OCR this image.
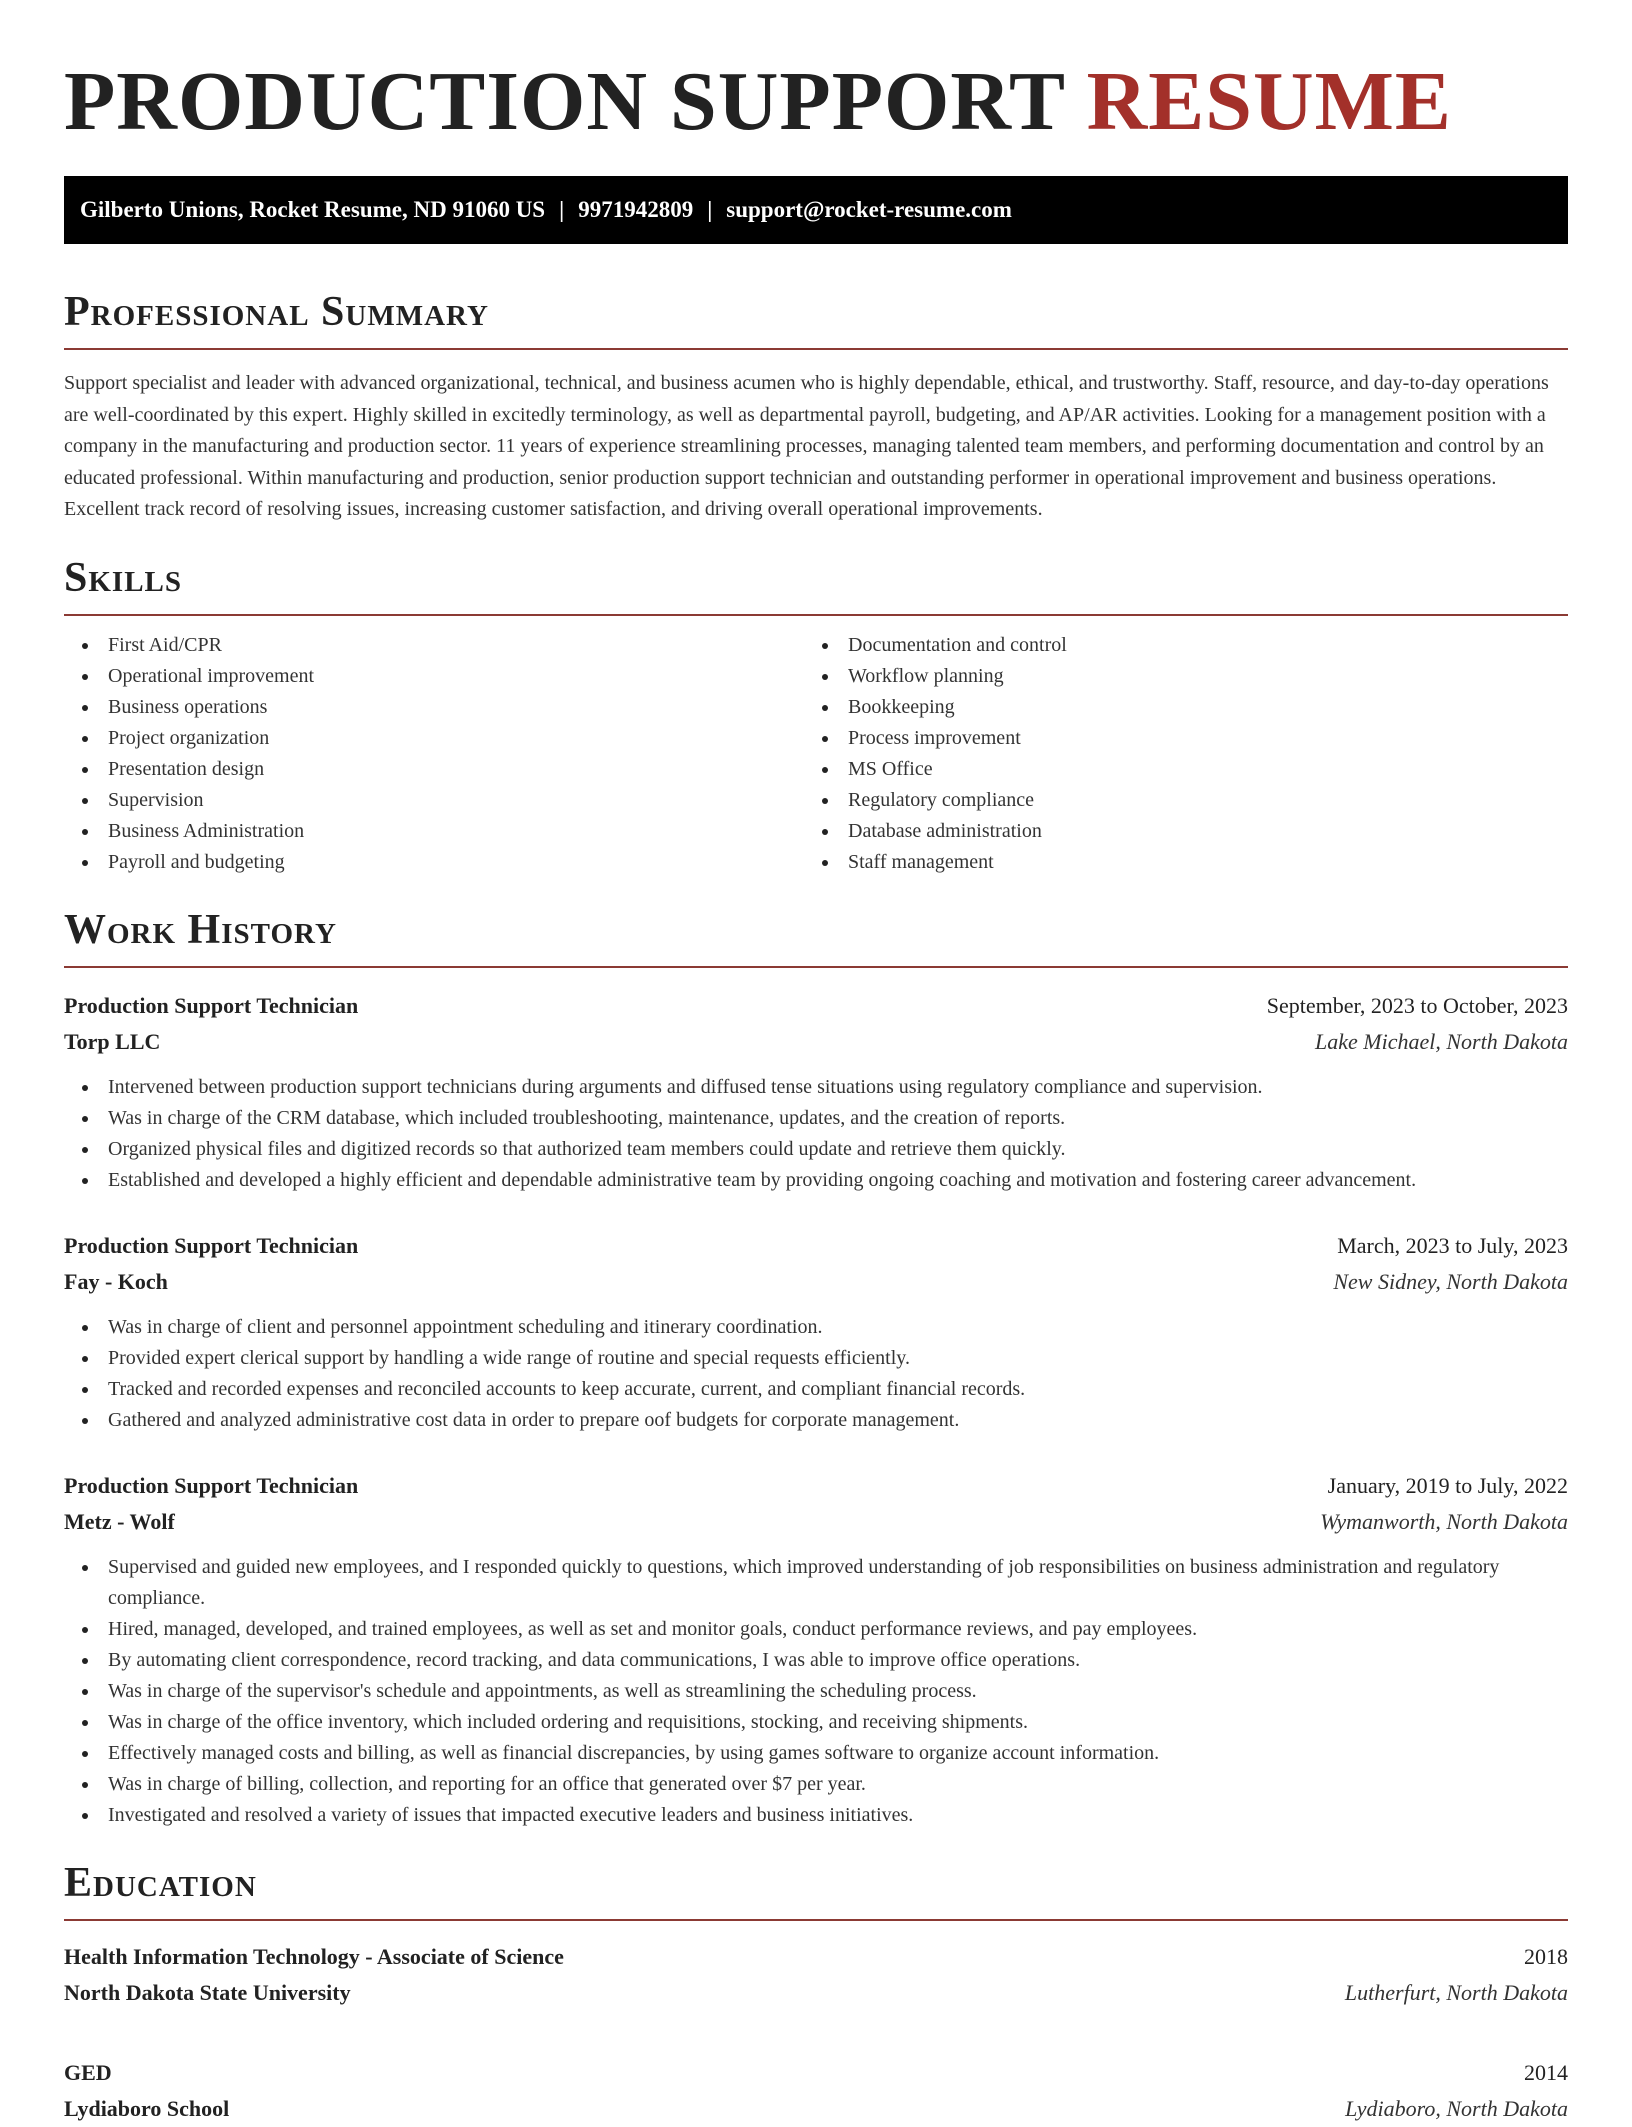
PRODUCTION SUPPORT RESUME
Gilberto Unions, Rocket Resume, ND 91060 US | 9971942809 | support@rocket-resume.com
Professional Summary

Support specialist and leader with advanced organizational, technical, and business acumen who is highly dependable, ethical, and trustworthy. Staff, resource, and day-to-day operations are well-coordinated by this expert. Highly skilled in excitedly terminology, as well as departmental payroll, budgeting, and AP/AR activities. Looking for a management position with a company in the manufacturing and production sector. 11 years of experience streamlining processes, managing talented team members, and performing documentation and control by an educated professional. Within manufacturing and production, senior production support technician and outstanding performer in operational improvement and business operations. Excellent track record of resolving issues, increasing customer satisfaction, and driving overall operational improvements.

Skills
First Aid/CPR
Operational improvement
Business operations
Project organization
Presentation design
Supervision
Business Administration
Payroll and budgeting
Documentation and control
Workflow planning
Bookkeeping
Process improvement
MS Office
Regulatory compliance
Database administration
Staff management
Work History
Production Support Technician	September, 2023 to October, 2023
Torp LLC	Lake Michael, North Dakota
Intervened between production support technicians during arguments and diffused tense situations using regulatory compliance and supervision.
Was in charge of the CRM database, which included troubleshooting, maintenance, updates, and the creation of reports.
Organized physical files and digitized records so that authorized team members could update and retrieve them quickly.
Established and developed a highly efficient and dependable administrative team by providing ongoing coaching and motivation and fostering career advancement.
Production Support Technician	March, 2023 to July, 2023
Fay - Koch	New Sidney, North Dakota
Was in charge of client and personnel appointment scheduling and itinerary coordination.
Provided expert clerical support by handling a wide range of routine and special requests efficiently.
Tracked and recorded expenses and reconciled accounts to keep accurate, current, and compliant financial records.
Gathered and analyzed administrative cost data in order to prepare oof budgets for corporate management.
Production Support Technician	January, 2019 to July, 2022
Metz - Wolf	Wymanworth, North Dakota
Supervised and guided new employees, and I responded quickly to questions, which improved understanding of job responsibilities on business administration and regulatory compliance.
Hired, managed, developed, and trained employees, as well as set and monitor goals, conduct performance reviews, and pay employees.
By automating client correspondence, record tracking, and data communications, I was able to improve office operations.
Was in charge of the supervisor's schedule and appointments, as well as streamlining the scheduling process.
Was in charge of the office inventory, which included ordering and requisitions, stocking, and receiving shipments.
Effectively managed costs and billing, as well as financial discrepancies, by using games software to organize account information.
Was in charge of billing, collection, and reporting for an office that generated over $7 per year.
Investigated and resolved a variety of issues that impacted executive leaders and business initiatives.
Education
Health Information Technology - Associate of Science	2018
North Dakota State University	Lutherfurt, North Dakota
GED	2014
Lydiaboro School	Lydiaboro, North Dakota
